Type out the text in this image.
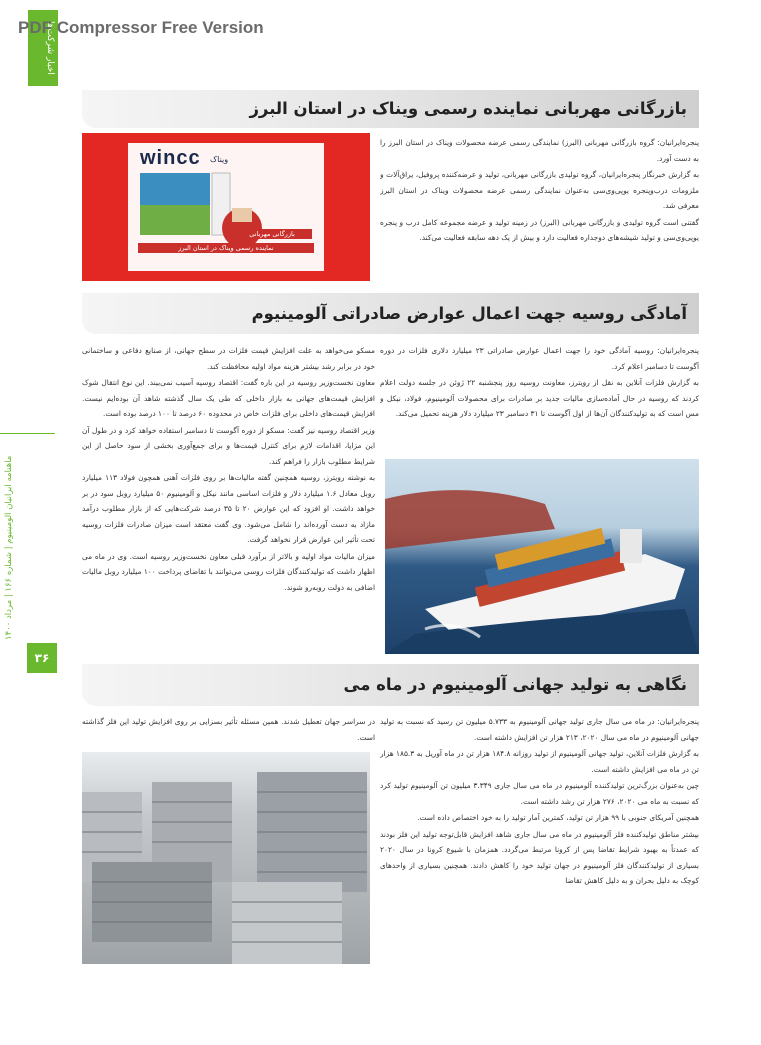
PDF Compressor Free Version
اخبار شرکت‌ها
ماهنامه ایرانیان آلومینیوم | شماره ۱۶۶ | مرداد ۱۴۰۰
۳۶
بازرگانی مهربانی نماینده رسمی ویناک در استان البرز
wincc ویناک
بازرگانی مهربانی
نماینده رسمی ویناک در استان البرز

پنجره‌ایرانیان: گروه بازرگانی مهربانی (البرز) نمایندگی رسمی عرضه محصولات ویناک در استان البرز را به دست آورد.

به گزارش خبرنگار پنجره‌ایرانیان، گروه تولیدی بازرگانی مهربانی، تولید و عرضه‌کننده پروفیل، یراق‌آلات و ملزومات درب‌وپنجره یوپی‌وی‌سی به‌عنوان نمایندگی رسمی عرضه محصولات ویناک در استان البرز معرفی شد.

گفتنی است گروه تولیدی و بازرگانی مهربانی (البرز) در زمینه تولید و عرضه مجموعه کامل درب و پنجره یوپی‌وی‌سی و تولید شیشه‌های دوجداره فعالیت دارد و بیش از یک دهه سابقه فعالیت می‌کند.

آمادگی روسیه جهت اعمال عوارض صادراتی آلومینیوم

پنجره‌ایرانیان: روسیه آمادگی خود را جهت اعمال عوارض صادراتی ۲۳ میلیارد دلاری فلزات در دوره آگوست تا دسامبر اعلام کرد.

به گزارش فلزات آنلاین به نقل از رویترز، معاونت روسیه روز پنجشنبه ۲۲ ژوئن در جلسه دولت اعلام کردند که روسیه در حال آماده‌سازی مالیات جدید بر صادرات برای محصولات آلومینیوم، فولاد، نیکل و مس است که به تولیدکنندگان آن‌ها از اول آگوست تا ۳۱ دسامبر ۲۳ میلیارد دلار هزینه تحمیل می‌کند.

مسکو می‌خواهد به علت افزایش قیمت فلزات در سطح جهانی، از صنایع دفاعی و ساختمانی خود در برابر رشد بیشتر هزینه مواد اولیه محافظت کند.

معاون نخست‌وزیر روسیه در این باره گفت: اقتصاد روسیه آسیب نمی‌بیند. این نوع انتقال شوک افزایش قیمت‌های جهانی به بازار داخلی که طی یک سال گذشته شاهد آن بوده‌ایم نیست. افزایش قیمت‌های داخلی برای فلزات خاص در محدوده ۶۰ درصد تا ۱۰۰ درصد بوده است.

وزیر اقتصاد روسیه نیز گفت: مسکو از دوره آگوست تا دسامبر استفاده خواهد کرد و در طول آن این مزایا، اقدامات لازم برای کنترل قیمت‌ها و برای جمع‌آوری بخشی از سود حاصل از این شرایط مطلوب بازار را فراهم کند.

به نوشته رویترز، روسیه همچنین گفته مالیات‌ها بر روی فلزات آهنی همچون فولاد ۱۱۳ میلیارد روبل معادل ۱.۶ میلیارد دلار و فلزات اساسی مانند نیکل و آلومینیوم ۵۰ میلیارد روبل سود در بر خواهد داشت. او افزود که این عوارض ۲۰ تا ۳۵ درصد شرکت‌هایی که از بازار مطلوب درآمد مازاد به دست آورده‌اند را شامل می‌شود. وی گفت معتقد است میزان صادرات فلزات روسیه تحت تأثیر این عوارض قرار نخواهد گرفت.

میزان مالیات مواد اولیه و بالاتر از برآورد قبلی معاون نخست‌وزیر روسیه است. وی در ماه می اظهار داشت که تولیدکنندگان فلزات روسی می‌توانند با تقاضای پرداخت ۱۰۰ میلیارد روبل مالیات اضافی به دولت روبه‌رو شوند.

نگاهی به تولید جهانی آلومینیوم در ماه می

پنجره‌ایرانیان: در ماه می سال جاری تولید جهانی آلومینیوم به ۵.۷۳۳ میلیون تن رسید که نسبت به تولید جهانی آلومینیوم در ماه می سال ۲۰۲۰، ۲۱۳ هزار تن افزایش داشته است.

به گزارش فلزات آنلاین، تولید جهانی آلومینیوم از تولید روزانه ۱۸۴.۸ هزار تن در ماه آوریل به ۱۸۵.۳ هزار تن در ماه می افزایش داشته است.

چین به‌عنوان بزرگ‌ترین تولیدکننده آلومینیوم در ماه می سال جاری ۳.۳۴۹ میلیون تن آلومینیوم تولید کرد که نسبت به ماه می ۲۰۲۰، ۲۷۶ هزار تن رشد داشته است.

همچنین آمریکای جنوبی با ۹۹ هزار تن تولید، کمترین آمار تولید را به خود اختصاص داده است.

بیشتر مناطق تولیدکننده فلز آلومینیوم در ماه می سال جاری شاهد افزایش قابل‌توجه تولید این فلز بودند که عمدتاً به بهبود شرایط تقاضا پس از کرونا مرتبط می‌گردد. همزمان با شیوع کرونا در سال ۲۰۲۰ بسیاری از تولیدکنندگان فلز آلومینیوم در جهان تولید خود را کاهش دادند. همچنین بسیاری از واحدهای کوچک به دلیل بحران و به دلیل کاهش تقاضا

در سراسر جهان تعطیل شدند. همین مسئله تأثیر بسزایی بر روی افزایش تولید این فلز گذاشته است.
